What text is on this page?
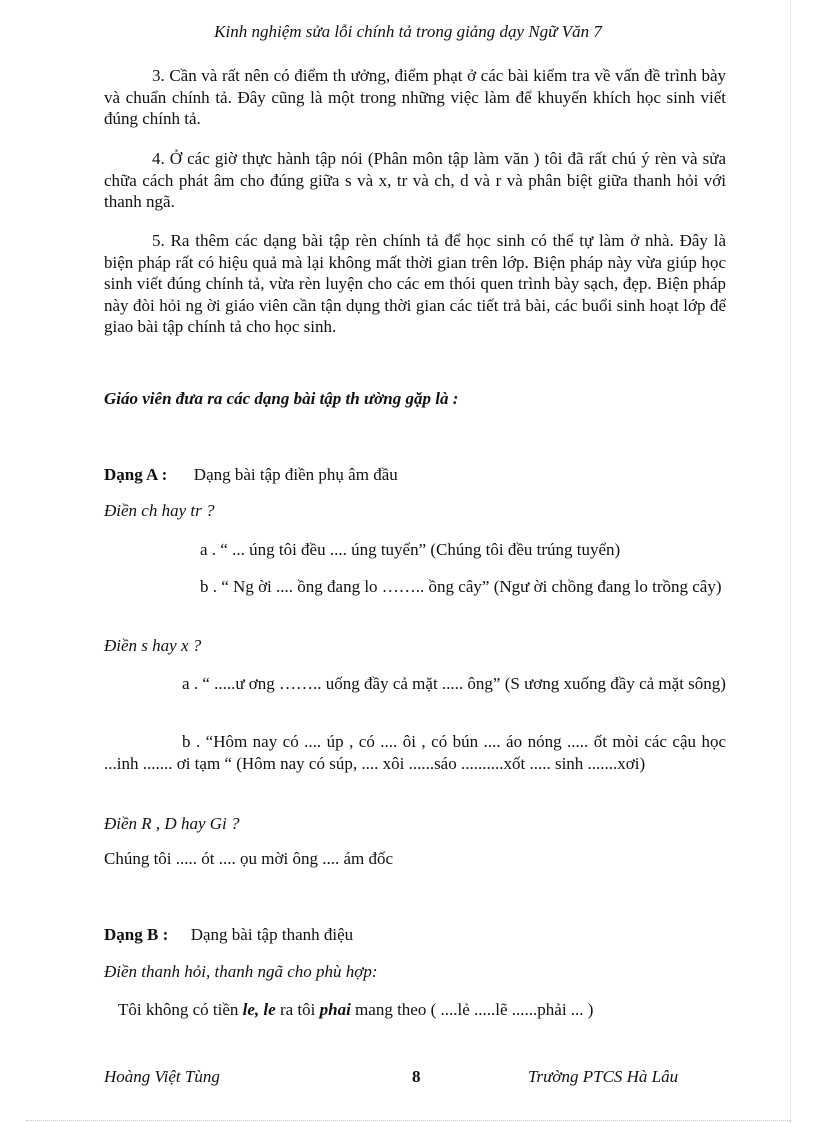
Kinh nghiệm sửa lỗi chính tả trong giảng dạy Ngữ Văn 7
3. Cần và rất nên có điểm th ưởng, điểm phạt ở các bài kiểm tra về vấn đề trình bày và chuẩn chính tả. Đây cũng là một trong những việc làm để khuyến khích học sinh viết đúng chính tả.
4. Ở các giờ thực hành tập nói (Phân môn tập làm văn ) tôi đã rất chú ý rèn và sửa chữa cách phát âm cho đúng giữa s và x, tr và ch, d và r và phân biệt giữa thanh hỏi với thanh ngã.
5. Ra thêm các dạng bài tập rèn chính tả để học sinh có thể tự làm ở nhà. Đây là biện pháp rất có hiệu quả mà lại không mất thời gian trên lớp. Biện pháp này vừa giúp học sinh viết đúng chính tả, vừa rèn luyện cho các em thói quen trình bày sạch, đẹp. Biện pháp này đòi hỏi ng ời giáo viên cần tận dụng thời gian các tiết trả bài, các buổi sinh hoạt lớp để giao bài tập chính tả cho học sinh.
Giáo viên đưa ra các dạng bài tập th ường gặp là :
Dạng A : Dạng bài tập điền phụ âm đầu
Điền ch hay tr ?
a . “ ... úng tôi đều .... úng tuyển” (Chúng tôi đều trúng tuyển)
b . “ Ng ời .... ồng đang lo …….. ồng cây” (Ngư ời chồng đang lo trồng cây)
Điền s hay x ?
a . “ .....ư ơng …….. uống đầy cả mặt ..... ông” (S ương xuống đầy cả mặt sông)
b . “Hôm nay có .... úp , có .... ôi , có bún .... áo nóng ..... ốt mòi các cậu học ...inh ....... ơi tạm “ (Hôm nay có súp, .... xôi ......sáo ..........xốt ..... sinh .......xơi)
Điền R , D hay Gi ?
Chúng tôi ..... ót .... ọu mời ông .... ám đốc
Dạng B : Dạng bài tập thanh điệu
Điền thanh hỏi, thanh ngã cho phù hợp:
Tôi không có tiền le, le ra tôi phai mang theo ( ....lẻ .....lẽ ......phải ... )
Hoàng Việt Tùng	8	Trường PTCS Hà Lâu
